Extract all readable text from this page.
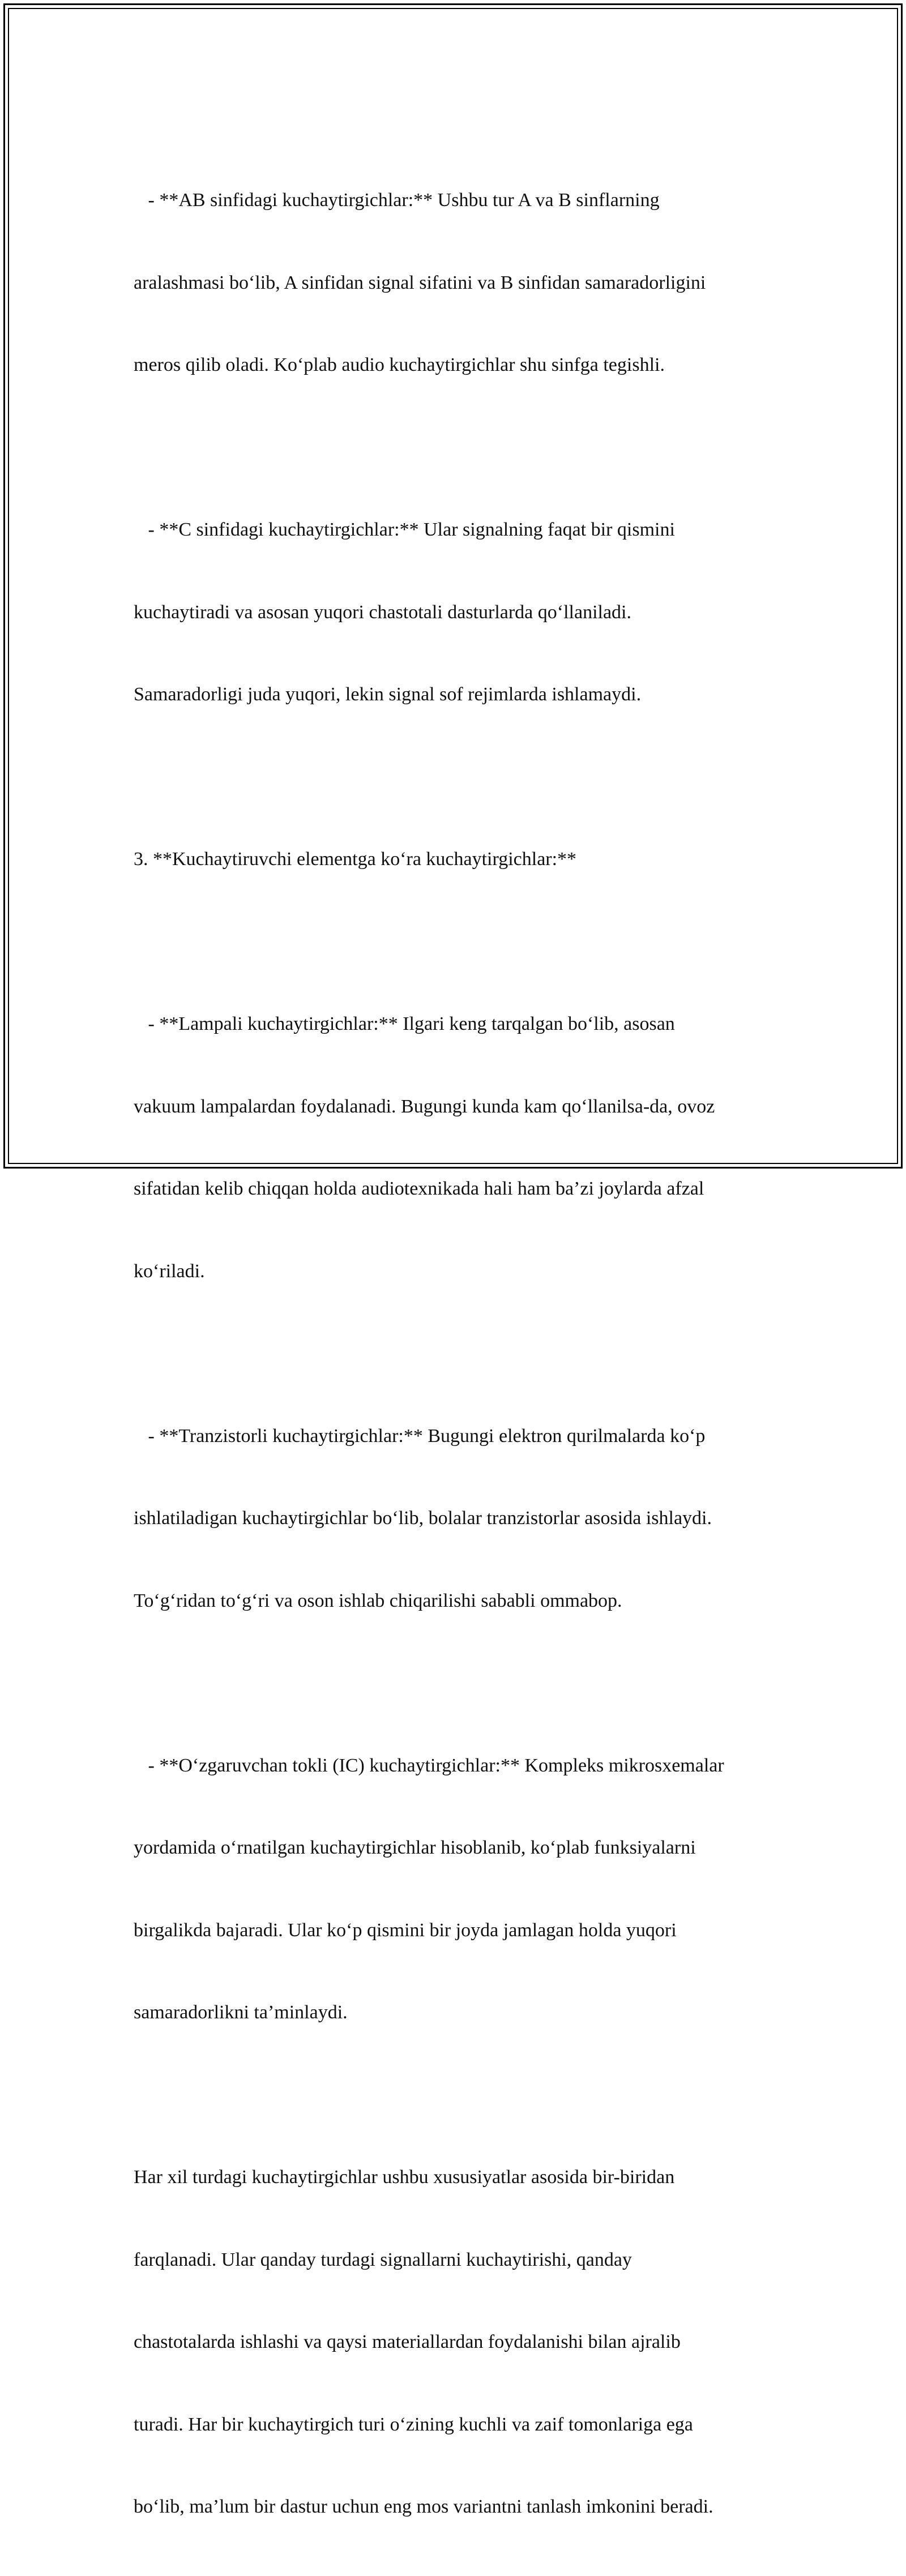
- **AB sinfidagi kuchaytirgichlar:** Ushbu tur A va B sinflarning

aralashmasi bo‘lib, A sinfidan signal sifatini va B sinfidan samaradorligini

meros qilib oladi. Ko‘plab audio kuchaytirgichlar shu sinfga tegishli.

- **C sinfidagi kuchaytirgichlar:** Ular signalning faqat bir qismini

kuchaytiradi va asosan yuqori chastotali dasturlarda qo‘llaniladi.

Samaradorligi juda yuqori, lekin signal sof rejimlarda ishlamaydi.

3. **Kuchaytiruvchi elementga ko‘ra kuchaytirgichlar:**

- **Lampali kuchaytirgichlar:** Ilgari keng tarqalgan bo‘lib, asosan

vakuum lampalardan foydalanadi. Bugungi kunda kam qo‘llanilsa-da, ovoz

sifatidan kelib chiqqan holda audiotexnikada hali ham ba’zi joylarda afzal

ko‘riladi.

- **Tranzistorli kuchaytirgichlar:** Bugungi elektron qurilmalarda ko‘p

ishlatiladigan kuchaytirgichlar bo‘lib, bolalar tranzistorlar asosida ishlaydi.

To‘g‘ridan to‘g‘ri va oson ishlab chiqarilishi sababli ommabop.

- **O‘zgaruvchan tokli (IC) kuchaytirgichlar:** Kompleks mikrosxemalar

yordamida o‘rnatilgan kuchaytirgichlar hisoblanib, ko‘plab funksiyalarni

birgalikda bajaradi. Ular ko‘p qismini bir joyda jamlagan holda yuqori

samaradorlikni ta’minlaydi.

Har xil turdagi kuchaytirgichlar ushbu xususiyatlar asosida bir-biridan

farqlanadi. Ular qanday turdagi signallarni kuchaytirishi, qanday

chastotalarda ishlashi va qaysi materiallardan foydalanishi bilan ajralib

turadi. Har bir kuchaytirgich turi o‘zining kuchli va zaif tomonlariga ega

bo‘lib, ma’lum bir dastur uchun eng mos variantni tanlash imkonini beradi.
